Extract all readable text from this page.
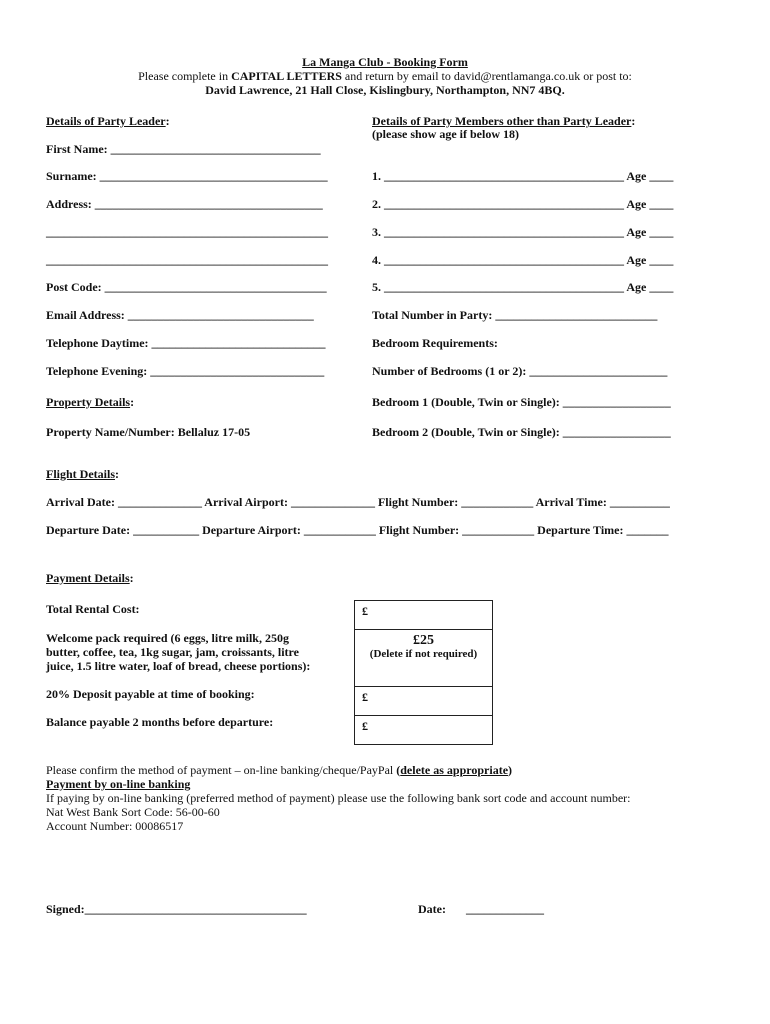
La Manga Club - Booking Form
Please complete in CAPITAL LETTERS and return by email to david@rentlamanga.co.uk or post to:
David Lawrence, 21 Hall Close, Kislingbury, Northampton, NN7 4BQ.
Details of Party Leader:
First Name: ___________________________________
Surname: ______________________________________
Address: ______________________________________
_______________________________________________
_______________________________________________
Post Code: _____________________________________
Email Address: _______________________________
Telephone Daytime: _____________________________
Telephone Evening: _____________________________
Property Details:
Property Name/Number: Bellaluz 17-05
Details of Party Members other than Party Leader:
(please show age if below 18)
1. ________________________________________ Age ____
2. ________________________________________ Age ____
3. ________________________________________ Age ____
4. ________________________________________ Age ____
5. ________________________________________ Age ____
Total Number in Party: ___________________________
Bedroom Requirements:
Number of Bedrooms (1 or 2): _______________________
Bedroom 1 (Double, Twin or Single): __________________
Bedroom 2 (Double, Twin or Single): __________________
Flight Details:
Arrival Date: ______________ Arrival Airport: ______________ Flight Number: ____________ Arrival Time: __________
Departure Date: ___________ Departure Airport: ____________ Flight Number: ____________ Departure Time: _______
Payment Details:
Total Rental Cost:
Welcome pack required (6 eggs, litre milk, 250g
butter, coffee, tea, 1kg sugar, jam, croissants, litre
juice, 1.5 litre water, loaf of bread, cheese portions):
20% Deposit payable at time of booking:
Balance payable 2 months before departure:
£
£25
(Delete if not required)
£
£
Please confirm the method of payment – on-line banking/cheque/PayPal (delete as appropriate)
Payment by on-line banking
If paying by on-line banking (preferred method of payment) please use the following bank sort code and account number:
Nat West Bank Sort Code: 56-00-60
Account Number: 00086517
Signed:_____________________________________	Date: _____________
